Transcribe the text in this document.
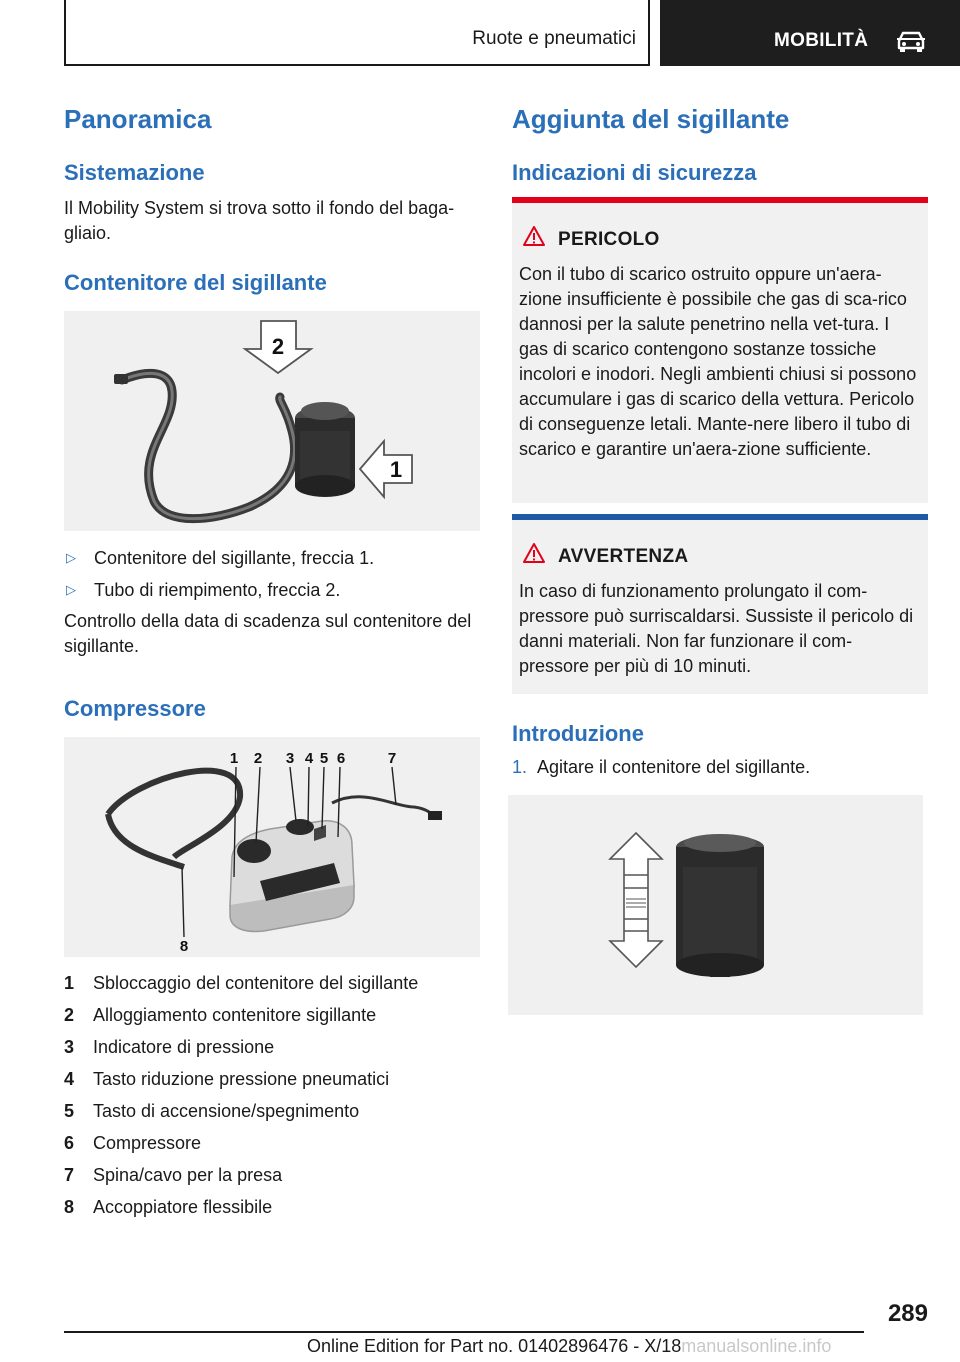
Ruote e pneumatici	MOBILITÀ
Panoramica
Sistemazione
Il Mobility System si trova sotto il fondo del baga-gliaio.
Contenitore del sigillante
2
1
▷ Contenitore del sigillante, freccia 1.
▷ Tubo di riempimento, freccia 2.
Controllo della data di scadenza sul contenitore del sigillante.
Compressore
1 2 3 4 5 6	7
8
1 Sbloccaggio del contenitore del sigillante
2 Alloggiamento contenitore sigillante
3 Indicatore di pressione
4 Tasto riduzione pressione pneumatici
5 Tasto di accensione/spegnimento
6 Compressore
7 Spina/cavo per la presa
8 Accoppiatore flessibile
Aggiunta del sigillante
Indicazioni di sicurezza
PERICOLO
Con il tubo di scarico ostruito oppure un'aera-zione insufficiente è possibile che gas di sca-rico dannosi per la salute penetrino nella vet-tura. I gas di scarico contengono sostanze tossiche incolori e inodori. Negli ambienti chiusi si possono accumulare i gas di scarico della vettura. Pericolo di conseguenze letali. Mante-nere libero il tubo di scarico e garantire un'aera-zione sufficiente.
AVVERTENZA
In caso di funzionamento prolungato il com-pressore può surriscaldarsi. Sussiste il pericolo di danni materiali. Non far funzionare il com-pressore per più di 10 minuti.
Introduzione
1. Agitare il contenitore del sigillante.
289
Online Edition for Part no. 01402896476 - X/18manualsonline.info
